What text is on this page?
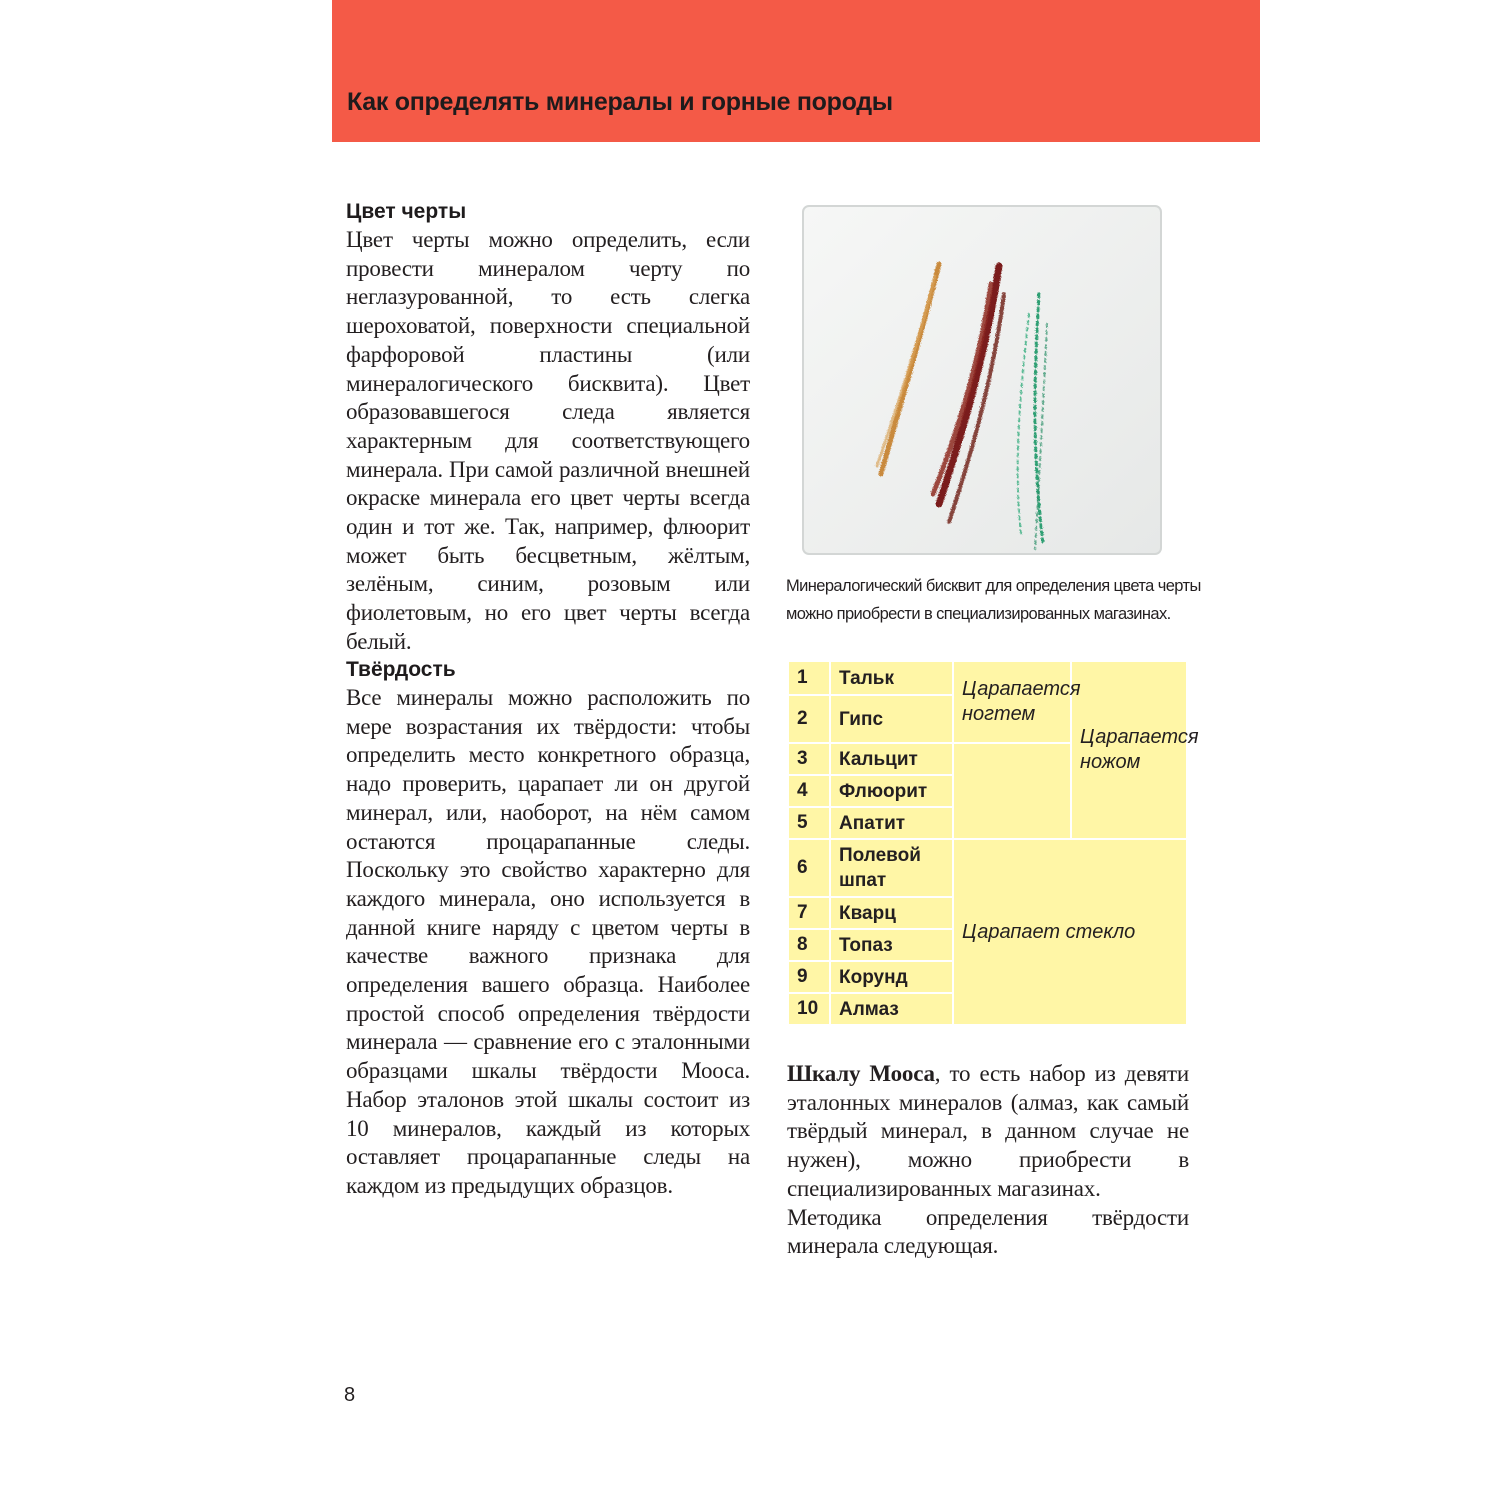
Как определять минералы и горные породы

Цвет черты

Цвет черты можно определить, если провести минералом черту по неглазурованной, то есть слегка шероховатой, поверхности специальной фарфоровой пластины (или минералогического бисквита). Цвет образовавшегося следа является характерным для соответствующего минерала. При самой различной внешней окраске минерала его цвет черты всегда один и тот же. Так, например, флюорит может быть бесцветным, жёлтым, зелёным, синим, розовым или фиолетовым, но его цвет черты всегда белый.

Минералогический бисквит для определения цвета черты можно приобрести в специализированных магазинах.

1	Тальк	Царапается ногтем	Царапается ножом
2	Гипс		
3	Кальцит		
4	Флюорит		
5	Апатит		
6	Полевой шпат	Царапает стекло	
7	Кварц		
8	Топаз		
9	Корунд		
10	Алмаз		

Твёрдость

Все минералы можно расположить по мере возрастания их твёрдости: чтобы определить место конкретного образца, надо проверить, царапает ли он другой минерал, или, наоборот, на нём самом остаются процарапанные следы. Поскольку это свойство характерно для каждого минерала, оно используется в данной книге наряду с цветом черты в качестве важного признака для определения вашего образца. Наиболее простой способ определения твёрдости минерала — сравнение его с эталонными образцами шкалы твёрдости Мооса. Набор эталонов этой шкалы состоит из 10 минералов, каждый из которых оставляет процарапанные следы на каждом из предыдущих образцов.

Шкалу Мооса, то есть набор из девяти эталонных минералов (алмаз, как самый твёрдый минерал, в данном случае не нужен), можно приобрести в специализированных магазинах.

Методика определения твёрдости минерала следующая.

8
